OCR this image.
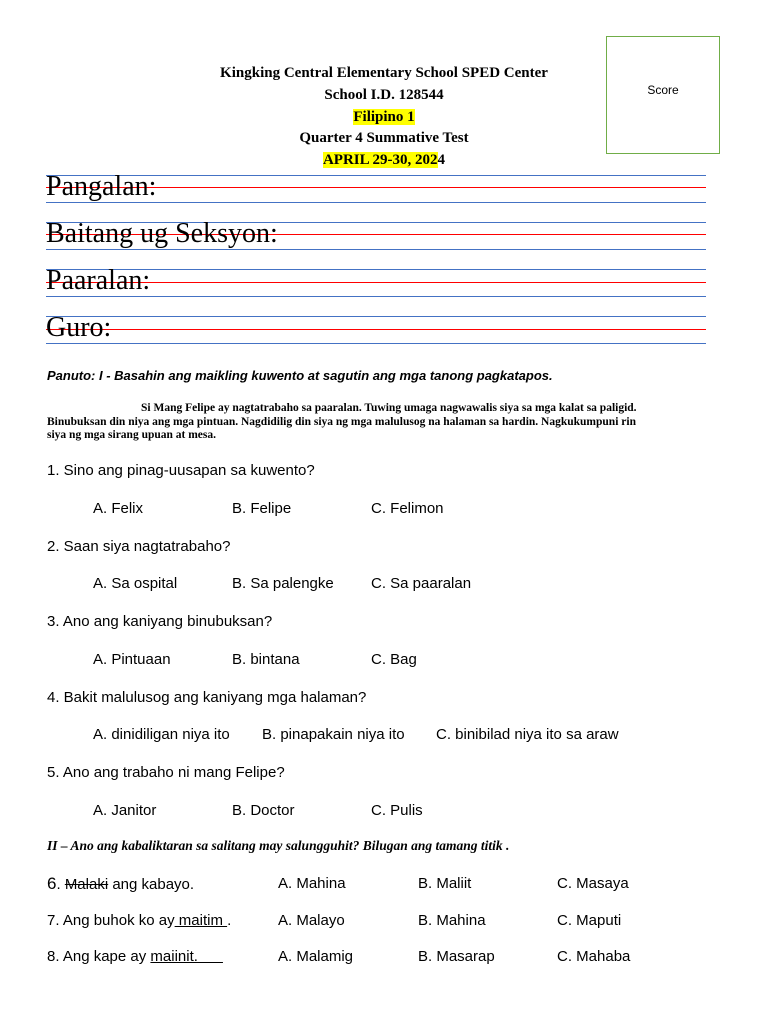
Kingking Central Elementary School SPED Center
School I.D. 128544
Filipino 1
Quarter 4 Summative Test
APRIL 29-30, 2024
Score
Pangalan:
Baitang ug Seksyon:
Paaralan:
Guro:
Panuto: I - Basahin ang maikling kuwento at sagutin ang mga tanong pagkatapos.
Si Mang Felipe ay nagtatrabaho sa paaralan. Tuwing umaga nagwawalis siya sa mga kalat sa paligid.
Binubuksan din niya ang mga pintuan. Nagdidilig din siya ng mga malulusog na halaman sa hardin. Nagkukumpuni rin
siya ng mga sirang upuan at mesa.
1. Sino ang pinag-uusapan sa kuwento?
A. Felix	B. Felipe	C. Felimon
2. Saan siya nagtatrabaho?
A. Sa ospital	B. Sa palengke C. Sa paaralan
3. Ano ang kaniyang binubuksan?
A. Pintuaan	B. bintana	C. Bag
4. Bakit malulusog ang kaniyang mga halaman?
A. dinidiligan niya ito B. pinapakain niya ito C. binibilad niya ito sa araw
5. Ano ang trabaho ni mang Felipe?
A. Janitor	B. Doctor	C. Pulis
II – Ano ang kabaliktaran sa salitang may salungguhit? Bilugan ang tamang titik .
6. Malaki ang kabayo.	A. Mahina	B. Maliit	C. Masaya
7. Ang buhok ko ay maitim .	A. Malayo	B. Mahina	C. Maputi
8. Ang kape ay maiinit.	A. Malamig	B. Masarap	C. Mahaba
